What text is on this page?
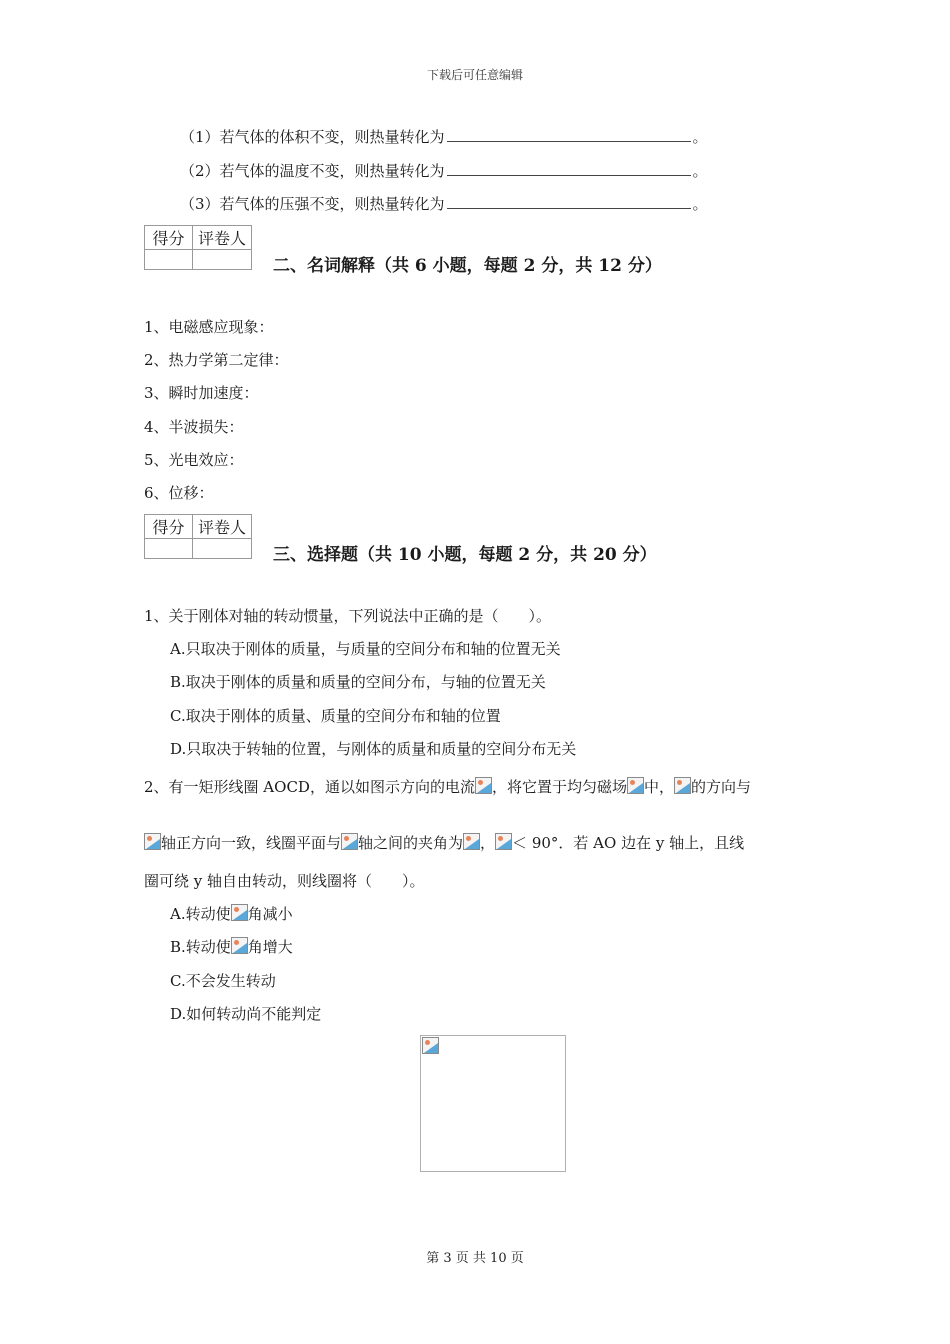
下载后可任意编辑
（1）若气体的体积不变，则热量转化为	。
（2）若气体的温度不变，则热量转化为	。
（3）若气体的压强不变，则热量转化为	。
得分	评卷人

二、名词解释（共 6 小题，每题 2 分，共 12 分）
1、电磁感应现象：
2、热力学第二定律：
3、瞬时加速度：
4、半波损失：
5、光电效应：
6、位移：
得分	评卷人

三、选择题（共 10 小题，每题 2 分，共 20 分）
1、关于刚体对轴的转动惯量，下列说法中正确的是（　　）。
A.只取决于刚体的质量，与质量的空间分布和轴的位置无关
B.取决于刚体的质量和质量的空间分布，与轴的位置无关
C.取决于刚体的质量、质量的空间分布和轴的位置
D.只取决于转轴的位置，与刚体的质量和质量的空间分布无关
2、有一矩形线圈 AOCD，通以如图示方向的电流 ，将它置于均匀磁场 中， 的方向与
轴正方向一致，线圈平面与 轴之间的夹角为 ， ＜ 90°．若 AO 边在 y 轴上，且线
圈可绕 y 轴自由转动，则线圈将（　　）。
A.转动使 角减小
B.转动使 角增大
C.不会发生转动
D.如何转动尚不能判定
第 3 页 共 10 页
